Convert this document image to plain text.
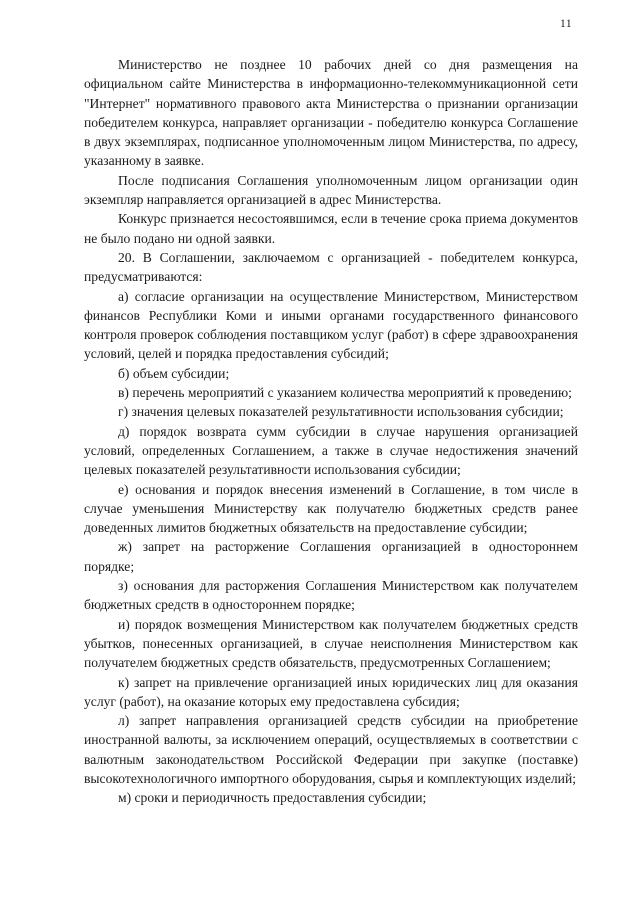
11

Министерство не позднее 10 рабочих дней со дня размещения на официальном сайте Министерства в информационно-телекоммуникационной сети "Интернет" нормативного правового акта Министерства о признании организации победителем конкурса, направляет организации - победителю конкурса Соглашение в двух экземплярах, подписанное уполномоченным лицом Министерства, по адресу, указанному в заявке.

После подписания Соглашения уполномоченным лицом организации один экземпляр направляется организацией в адрес Министерства.

Конкурс признается несостоявшимся, если в течение срока приема документов не было подано ни одной заявки.

20. В Соглашении, заключаемом с организацией - победителем конкурса, предусматриваются:

а) согласие организации на осуществление Министерством, Министерством финансов Республики Коми и иными органами государственного финансового контроля проверок соблюдения поставщиком услуг (работ) в сфере здравоохранения условий, целей и порядка предоставления субсидий;

б) объем субсидии;

в) перечень мероприятий с указанием количества мероприятий к проведению;

г) значения целевых показателей результативности использования субсидии;

д) порядок возврата сумм субсидии в случае нарушения организацией условий, определенных Соглашением, а также в случае недостижения значений целевых показателей результативности использования субсидии;

е) основания и порядок внесения изменений в Соглашение, в том числе в случае уменьшения Министерству как получателю бюджетных средств ранее доведенных лимитов бюджетных обязательств на предоставление субсидии;

ж) запрет на расторжение Соглашения организацией в одностороннем порядке;

з) основания для расторжения Соглашения Министерством как получателем бюджетных средств в одностороннем порядке;

и) порядок возмещения Министерством как получателем бюджетных средств убытков, понесенных организацией, в случае неисполнения Министерством как получателем бюджетных средств обязательств, предусмотренных Соглашением;

к) запрет на привлечение организацией иных юридических лиц для оказания услуг (работ), на оказание которых ему предоставлена субсидия;

л) запрет направления организацией средств субсидии на приобретение иностранной валюты, за исключением операций, осуществляемых в соответствии с валютным законодательством Российской Федерации при закупке (поставке) высокотехнологичного импортного оборудования, сырья и комплектующих изделий;

м) сроки и периодичность предоставления субсидии;
